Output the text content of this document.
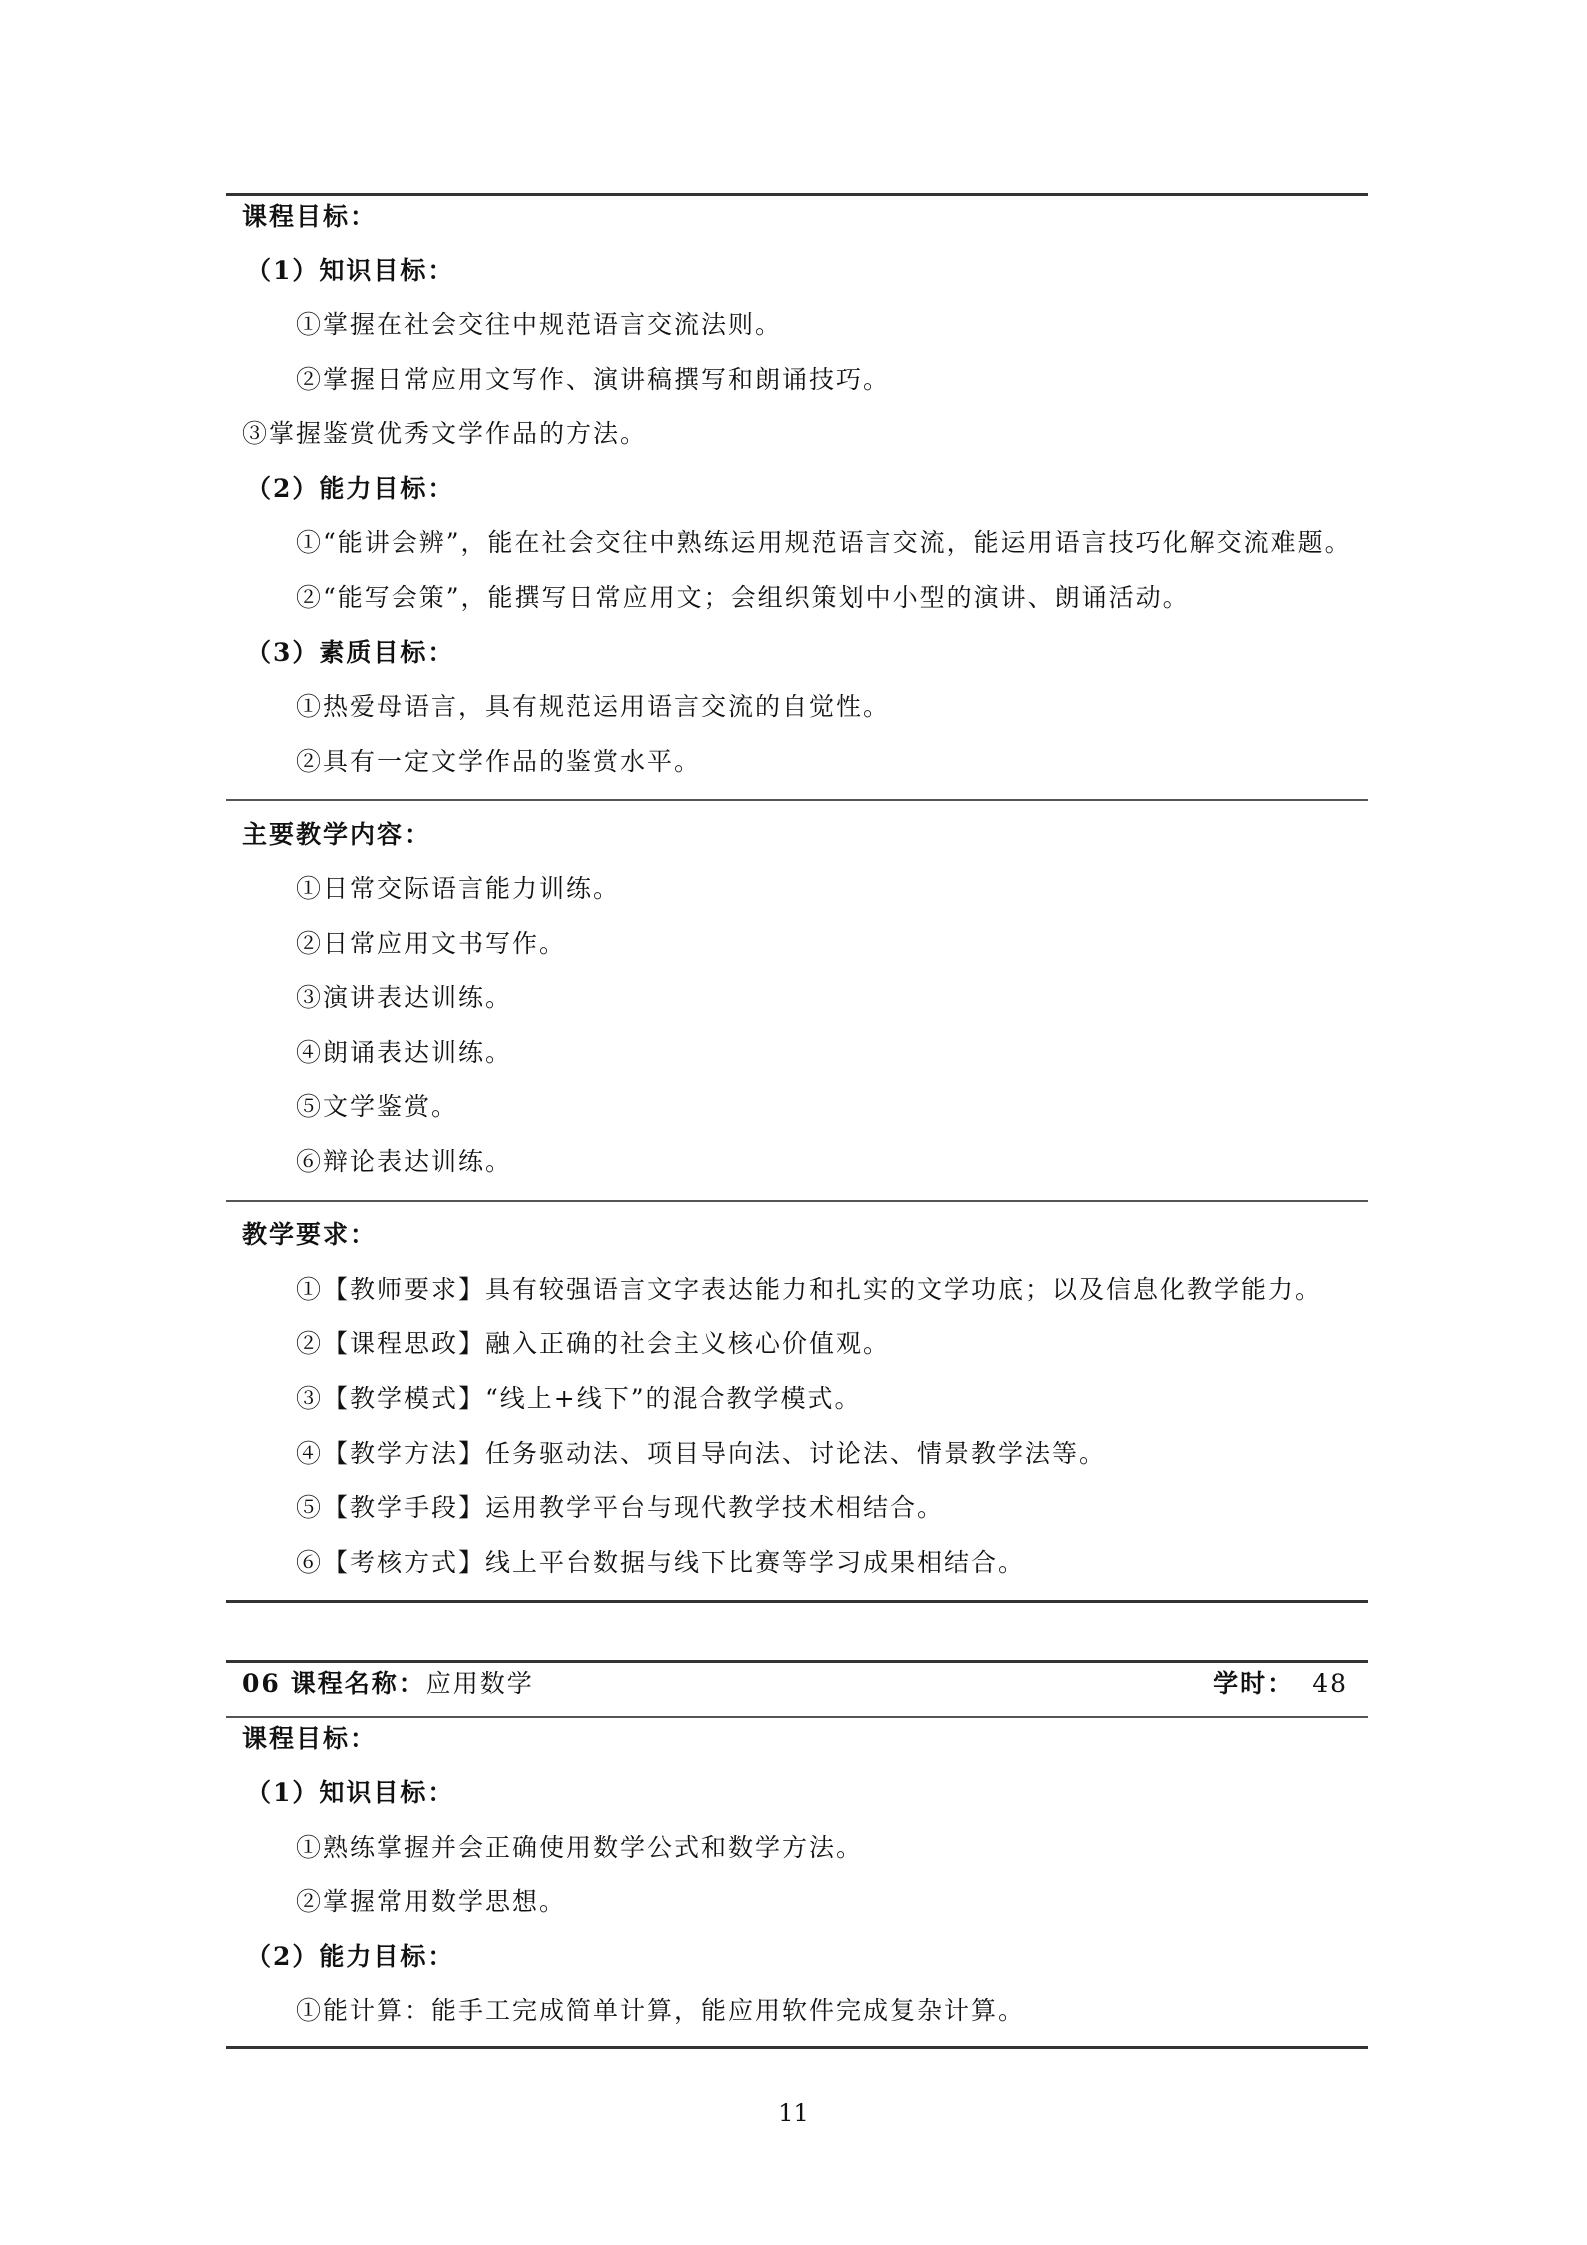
课程目标：
（1）知识目标：
①掌握在社会交往中规范语言交流法则。
②掌握日常应用文写作、演讲稿撰写和朗诵技巧。
③掌握鉴赏优秀文学作品的方法。
（2）能力目标：
①“能讲会辨”，能在社会交往中熟练运用规范语言交流，能运用语言技巧化解交流难题。
②“能写会策”，能撰写日常应用文；会组织策划中小型的演讲、朗诵活动。
（3）素质目标：
①热爱母语言，具有规范运用语言交流的自觉性。
②具有一定文学作品的鉴赏水平。
主要教学内容：
①日常交际语言能力训练。
②日常应用文书写作。
③演讲表达训练。
④朗诵表达训练。
⑤文学鉴赏。
⑥辩论表达训练。
教学要求：
①【教师要求】具有较强语言文字表达能力和扎实的文学功底；以及信息化教学能力。
②【课程思政】融入正确的社会主义核心价值观。
③【教学模式】“线上+线下”的混合教学模式。
④【教学方法】任务驱动法、项目导向法、讨论法、情景教学法等。
⑤【教学手段】运用教学平台与现代教学技术相结合。
⑥【考核方式】线上平台数据与线下比赛等学习成果相结合。
06 课程名称：应用数学	学时： 48
课程目标：
（1）知识目标：
①熟练掌握并会正确使用数学公式和数学方法。
②掌握常用数学思想。
（2）能力目标：
①能计算：能手工完成简单计算，能应用软件完成复杂计算。
11
